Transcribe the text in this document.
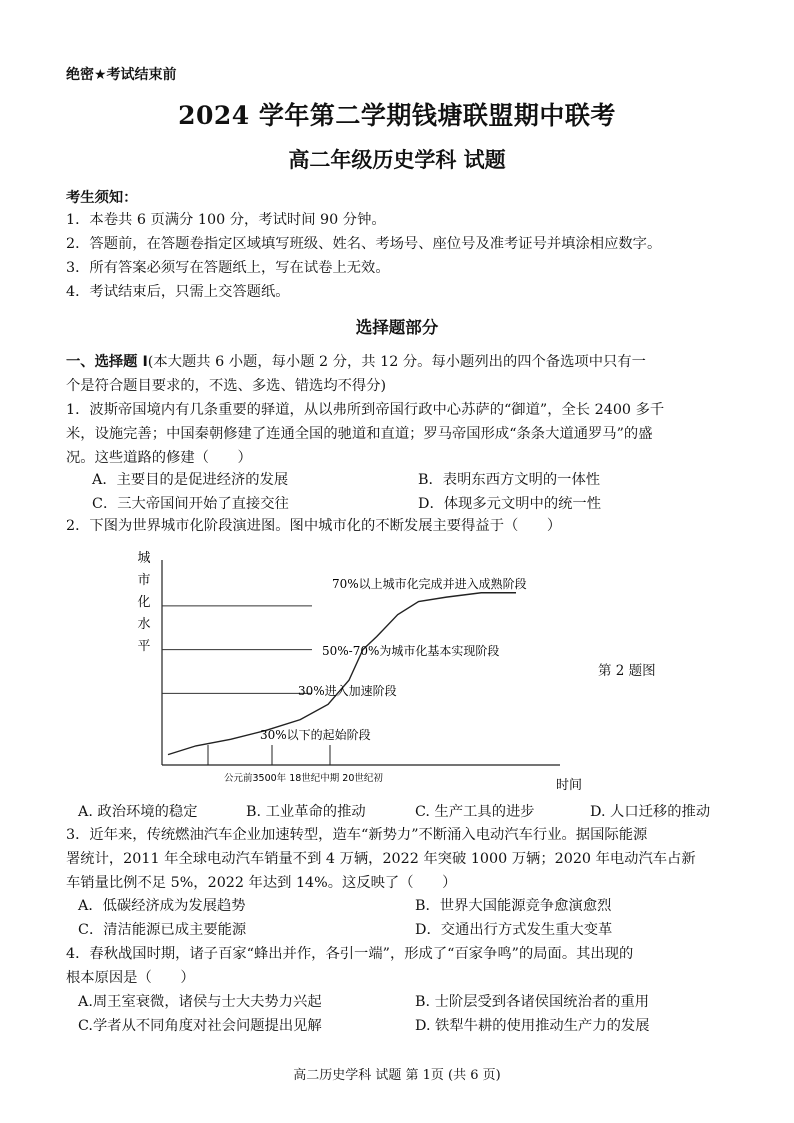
绝密★考试结束前
2024 学年第二学期钱塘联盟期中联考
高二年级历史学科 试题
考生须知：
1．本卷共 6 页满分 100 分，考试时间 90 分钟。
2．答题前，在答题卷指定区域填写班级、姓名、考场号、座位号及准考证号并填涂相应数字。
3．所有答案必须写在答题纸上，写在试卷上无效。
4．考试结束后，只需上交答题纸。
选择题部分
一、选择题 I(本大题共 6 小题，每小题 2 分，共 12 分。每小题列出的四个备选项中只有一
个是符合题目要求的，不选、多选、错选均不得分)
1．波斯帝国境内有几条重要的驿道，从以弗所到帝国行政中心苏萨的“御道”，全长 2400 多千
米，设施完善；中国秦朝修建了连通全国的驰道和直道；罗马帝国形成“条条大道通罗马”的盛
况。这些道路的修建（　　）
A．主要目的是促进经济的发展	B．表明东西方文明的一体性
C．三大帝国间开始了直接交往	D．体现多元文明中的统一性
2．下图为世界城市化阶段演进图。图中城市化的不断发展主要得益于（　　）
城
市
化
水
平
时间
公元前3500年 18世纪中期 20世纪初
30%以下的起始阶段
30%进入加速阶段
50%-70%为城市化基本实现阶段
70%以上城市化完成并进入成熟阶段
第 2 题图
A. 政治环境的稳定	B. 工业革命的推动	C. 生产工具的进步	D. 人口迁移的推动
3．近年来，传统燃油汽车企业加速转型，造车“新势力”不断涌入电动汽车行业。据国际能源
署统计，2011 年全球电动汽车销量不到 4 万辆，2022 年突破 1000 万辆；2020 年电动汽车占新
车销量比例不足 5%，2022 年达到 14%。这反映了（　　）
A．低碳经济成为发展趋势	B．世界大国能源竞争愈演愈烈
C．清洁能源已成主要能源	D．交通出行方式发生重大变革
4．春秋战国时期，诸子百家“蜂出并作，各引一端”，形成了“百家争鸣”的局面。其出现的
根本原因是（　　）
A.周王室衰微，诸侯与士大夫势力兴起	B. 士阶层受到各诸侯国统治者的重用
C.学者从不同角度对社会问题提出见解	D. 铁犁牛耕的使用推动生产力的发展
高二历史学科 试题 第 1页 (共 6 页)
